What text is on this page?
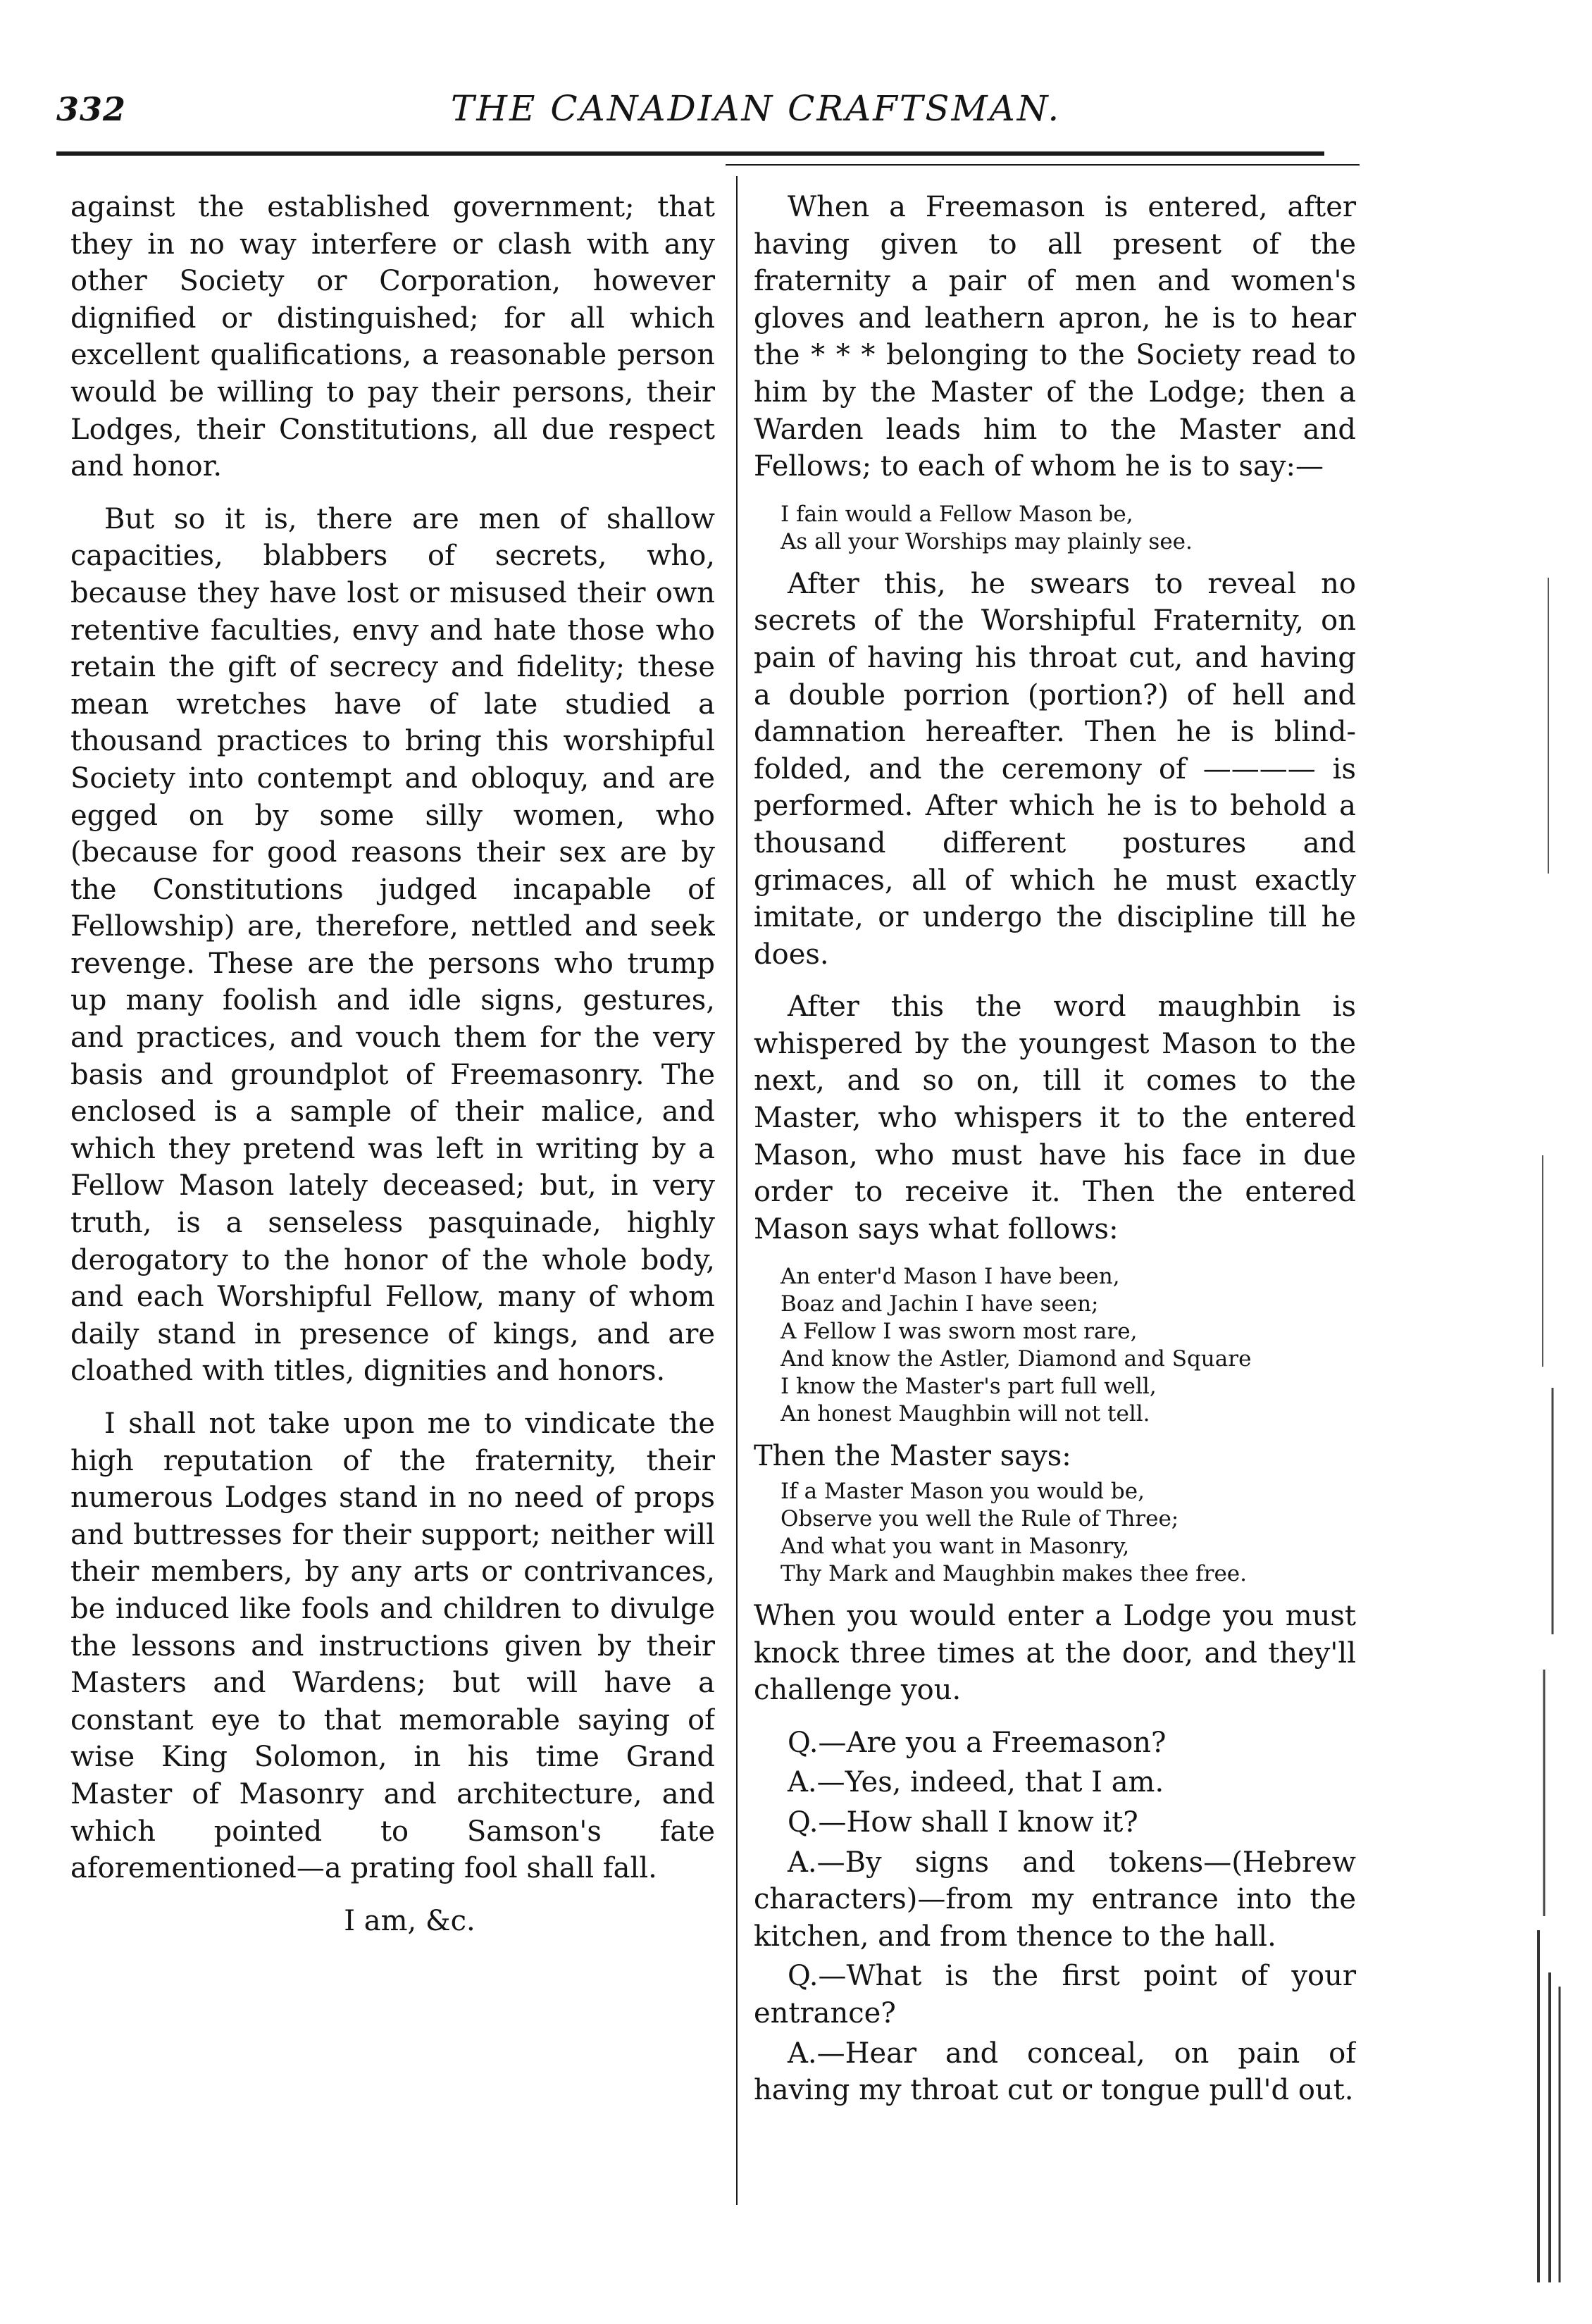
332	THE CANADIAN CRAFTSMAN.

against the established government; that they in no way interfere or clash with any other Society or Corporation, however dignified or distinguished; for all which excellent qualifications, a reasonable person would be willing to pay their persons, their Lodges, their Constitutions, all due respect and honor.

But so it is, there are men of shallow capacities, blabbers of secrets, who, because they have lost or misused their own retentive faculties, envy and hate those who retain the gift of secrecy and fidelity; these mean wretches have of late studied a thousand practices to bring this worshipful Society into contempt and obloquy, and are egged on by some silly women, who (because for good reasons their sex are by the Constitutions judged incapable of Fellowship) are, therefore, nettled and seek revenge. These are the persons who trump up many foolish and idle signs, gestures, and practices, and vouch them for the very basis and groundplot of Freemasonry. The enclosed is a sample of their malice, and which they pretend was left in writing by a Fellow Mason lately deceased; but, in very truth, is a senseless pasquinade, highly derogatory to the honor of the whole body, and each Worshipful Fellow, many of whom daily stand in presence of kings, and are cloathed with titles, dignities and honors.

I shall not take upon me to vindicate the high reputation of the fraternity, their numerous Lodges stand in no need of props and buttresses for their support; neither will their members, by any arts or contrivances, be induced like fools and children to divulge the lessons and instructions given by their Masters and Wardens; but will have a constant eye to that memorable saying of wise King Solomon, in his time Grand Master of Masonry and architecture, and which pointed to Samson's fate aforementioned—a prating fool shall fall.

I am, &c.

When a Freemason is entered, after having given to all present of the fraternity a pair of men and women's gloves and leathern apron, he is to hear the * * * belonging to the Society read to him by the Master of the Lodge; then a Warden leads him to the Master and Fellows; to each of whom he is to say:—

I fain would a Fellow Mason be,
As all your Worships may plainly see.

After this, he swears to reveal no secrets of the Worshipful Fraternity, on pain of having his throat cut, and having a double porrion (portion?) of hell and damnation hereafter. Then he is blind-folded, and the ceremony of ———— is performed. After which he is to behold a thousand different postures and grimaces, all of which he must exactly imitate, or undergo the discipline till he does.

After this the word maughbin is whispered by the youngest Mason to the next, and so on, till it comes to the Master, who whispers it to the entered Mason, who must have his face in due order to receive it. Then the entered Mason says what follows:

An enter'd Mason I have been,
Boaz and Jachin I have seen;
A Fellow I was sworn most rare,
And know the Astler, Diamond and Square
I know the Master's part full well,
An honest Maughbin will not tell.

Then the Master says:

If a Master Mason you would be,
Observe you well the Rule of Three;
And what you want in Masonry,
Thy Mark and Maughbin makes thee free.

When you would enter a Lodge you must knock three times at the door, and they'll challenge you.

Q.—Are you a Freemason?

A.—Yes, indeed, that I am.

Q.—How shall I know it?

A.—By signs and tokens—(Hebrew characters)—from my entrance into the kitchen, and from thence to the hall.

Q.—What is the first point of your entrance?

A.—Hear and conceal, on pain of having my throat cut or tongue pull'd out.
